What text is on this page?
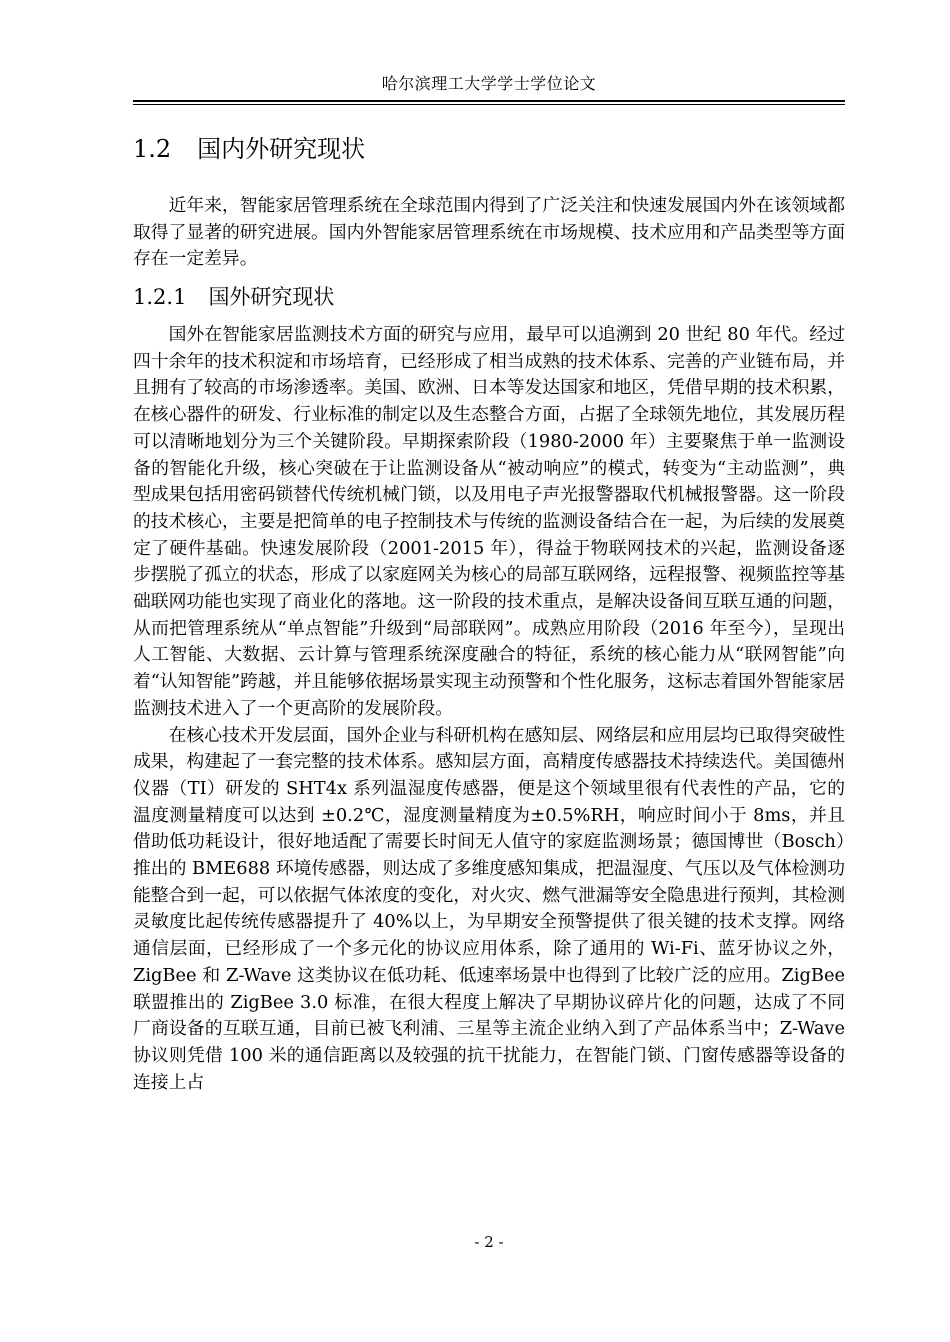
哈尔滨理工大学学士学位论文
1.2 国内外研究现状

近年来，智能家居管理系统在全球范围内得到了广泛关注和快速发展国内外在该领域都取得了显著的研究进展。国内外智能家居管理系统在市场规模、技术应用和产品类型等方面存在一定差异。

1.2.1 国外研究现状

国外在智能家居监测技术方面的研究与应用，最早可以追溯到 20 世纪 80 年代。经过四十余年的技术积淀和市场培育，已经形成了相当成熟的技术体系、完善的产业链布局，并且拥有了较高的市场渗透率。美国、欧洲、日本等发达国家和地区，凭借早期的技术积累，在核心器件的研发、行业标准的制定以及生态整合方面，占据了全球领先地位，其发展历程可以清晰地划分为三个关键阶段。早期探索阶段（1980-2000 年）主要聚焦于单一监测设备的智能化升级，核心突破在于让监测设备从“被动响应”的模式，转变为“主动监测”，典型成果包括用密码锁替代传统机械门锁，以及用电子声光报警器取代机械报警器。这一阶段的技术核心，主要是把简单的电子控制技术与传统的监测设备结合在一起，为后续的发展奠定了硬件基础。快速发展阶段（2001-2015 年），得益于物联网技术的兴起，监测设备逐步摆脱了孤立的状态，形成了以家庭网关为核心的局部互联网络，远程报警、视频监控等基础联网功能也实现了商业化的落地。这一阶段的技术重点，是解决设备间互联互通的问题，从而把管理系统从“单点智能”升级到“局部联网”。成熟应用阶段（2016 年至今），呈现出人工智能、大数据、云计算与管理系统深度融合的特征，系统的核心能力从“联网智能”向着“认知智能”跨越，并且能够依据场景实现主动预警和个性化服务，这标志着国外智能家居监测技术进入了一个更高阶的发展阶段。

在核心技术开发层面，国外企业与科研机构在感知层、网络层和应用层均已取得突破性成果，构建起了一套完整的技术体系。感知层方面，高精度传感器技术持续迭代。美国德州仪器（TI）研发的 SHT4x 系列温湿度传感器，便是这个领域里很有代表性的产品，它的温度测量精度可以达到 ±0.2℃，湿度测量精度为±0.5%RH，响应时间小于 8ms，并且借助低功耗设计，很好地适配了需要长时间无人值守的家庭监测场景；德国博世（Bosch）推出的 BME688 环境传感器，则达成了多维度感知集成，把温湿度、气压以及气体检测功能整合到一起，可以依据气体浓度的变化，对火灾、燃气泄漏等安全隐患进行预判，其检测灵敏度比起传统传感器提升了 40%以上，为早期安全预警提供了很关键的技术支撑。网络通信层面，已经形成了一个多元化的协议应用体系，除了通用的 Wi-Fi、蓝牙协议之外，ZigBee 和 Z-Wave 这类协议在低功耗、低速率场景中也得到了比较广泛的应用。ZigBee 联盟推出的 ZigBee 3.0 标准，在很大程度上解决了早期协议碎片化的问题，达成了不同厂商设备的互联互通，目前已被飞利浦、三星等主流企业纳入到了产品体系当中；Z-Wave 协议则凭借 100 米的通信距离以及较强的抗干扰能力，在智能门锁、门窗传感器等设备的连接上占

- 2 -
